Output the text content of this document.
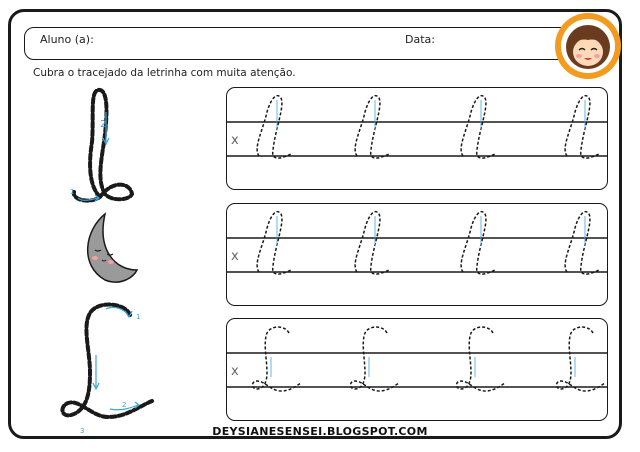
Aluno (a):	Data:
Cubra o tracejado da letrinha com muita atenção.
2
1
1
2
3
x
x
x
DEYSIANESENSEI.BLOGSPOT.COM
